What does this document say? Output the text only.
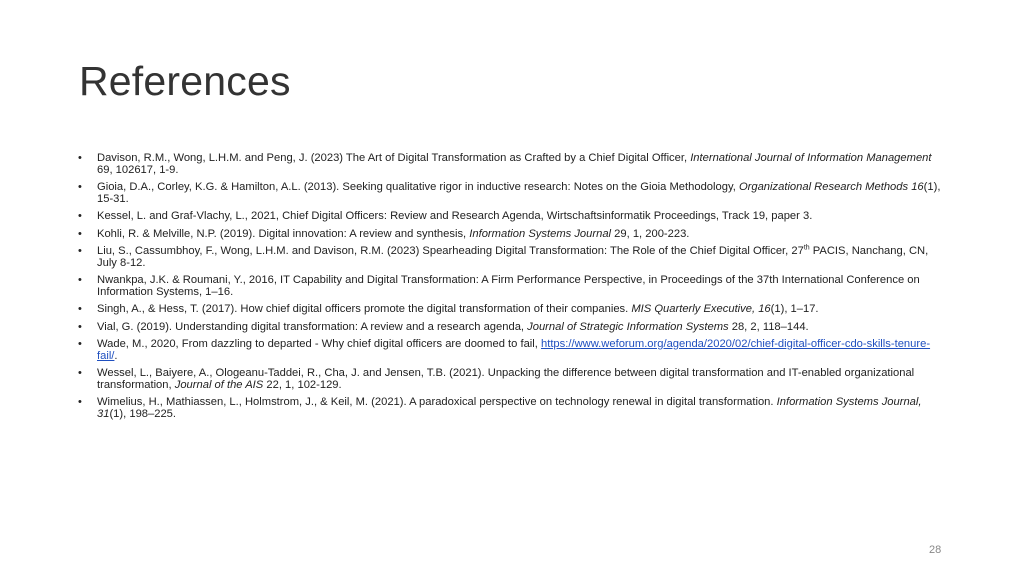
References
• Davison, R.M., Wong, L.H.M. and Peng, J. (2023) The Art of Digital Transformation as Crafted by a Chief Digital Officer, International Journal of Information Management 69, 102617, 1-9.
• Gioia, D.A., Corley, K.G. & Hamilton, A.L. (2013). Seeking qualitative rigor in inductive research: Notes on the Gioia Methodology, Organizational Research Methods 16(1), 15-31.
• Kessel, L. and Graf-Vlachy, L., 2021, Chief Digital Officers: Review and Research Agenda, Wirtschaftsinformatik Proceedings, Track 19, paper 3.
• Kohli, R. & Melville, N.P. (2019). Digital innovation: A review and synthesis, Information Systems Journal 29, 1, 200-223.
• Liu, S., Cassumbhoy, F., Wong, L.H.M. and Davison, R.M. (2023) Spearheading Digital Transformation: The Role of the Chief Digital Officer, 27th PACIS, Nanchang, CN, July 8-12.
• Nwankpa, J.K. & Roumani, Y., 2016, IT Capability and Digital Transformation: A Firm Performance Perspective, in Proceedings of the 37th International Conference on Information Systems, 1–16.
• Singh, A., & Hess, T. (2017). How chief digital officers promote the digital transformation of their companies. MIS Quarterly Executive, 16(1), 1–17.
• Vial, G. (2019). Understanding digital transformation: A review and a research agenda, Journal of Strategic Information Systems 28, 2, 118–144.
• Wade, M., 2020, From dazzling to departed - Why chief digital officers are doomed to fail, https://www.weforum.org/agenda/2020/02/chief-digital-officer-cdo-skills-tenure-fail/.
• Wessel, L., Baiyere, A., Ologeanu-Taddei, R., Cha, J. and Jensen, T.B. (2021). Unpacking the difference between digital transformation and IT-enabled organizational transformation, Journal of the AIS 22, 1, 102-129.
• Wimelius, H., Mathiassen, L., Holmstrom, J., & Keil, M. (2021). A paradoxical perspective on technology renewal in digital transformation. Information Systems Journal, 31(1), 198–225.
28
